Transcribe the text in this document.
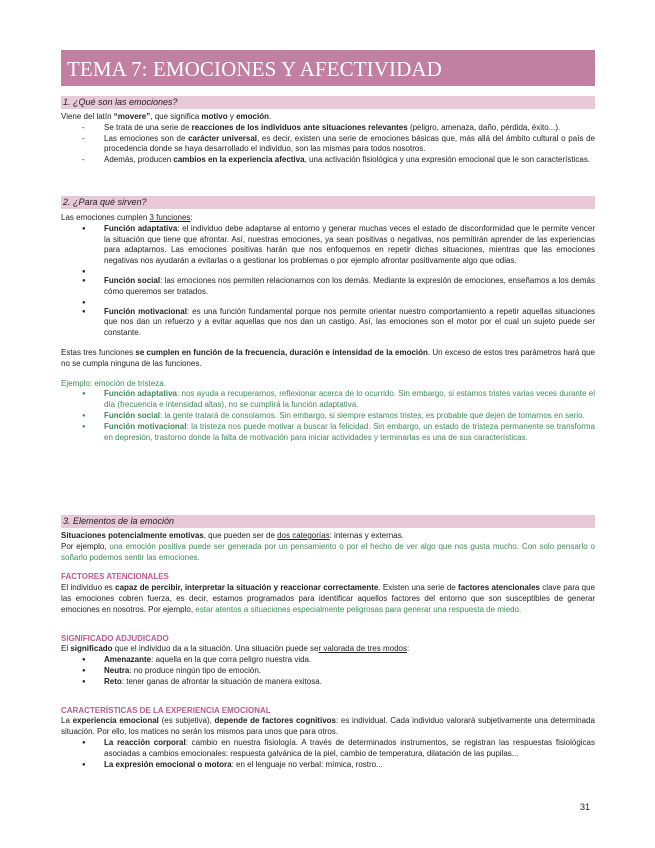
TEMA 7: EMOCIONES Y AFECTIVIDAD
1. ¿Qué son las emociones?

Viene del latín “movere”, que significa motivo y emoción.

- Se trata de una serie de reacciones de los individuos ante situaciones relevantes (peligro, amenaza, daño, pérdida, éxito...).
- Las emociones son de carácter universal, es decir, existen una serie de emociones básicas que, más allá del ámbito cultural o país de procedencia donde se haya desarrollado el individuo, son las mismas para todos nosotros.
- Además, producen cambios en la experiencia afectiva, una activación fisiológica y una expresión emocional que le son características.
2. ¿Para qué sirven?

Las emociones cumplen 3 funciones:

● Función adaptativa: el individuo debe adaptarse al entorno y generar muchas veces el estado de disconformidad que le permite vencer la situación que tiene que afrontar. Así, nuestras emociones, ya sean positivas o negativas, nos permitirán aprender de las experiencias para adaptarnos. Las emociones positivas harán que nos enfoquemos en repetir dichas situaciones, mientras que las emociones negativas nos ayudarán a evitarlas o a gestionar los problemas o por ejemplo afrontar positivamente algo que odias.
●
● Función social: las emociones nos permiten relacionarnos con los demás. Mediante la expresión de emociones, enseñamos a los demás cómo queremos ser tratados.
●
● Función motivacional: es una función fundamental porque nos permite orientar nuestro comportamiento a repetir aquellas situaciones que nos dan un refuerzo y a evitar aquellas que nos dan un castigo. Así, las emociones son el motor por el cual un sujeto puede ser constante.

Estas tres funciones se cumplen en función de la frecuencia, duración e intensidad de la emoción. Un exceso de estos tres parámetros hará que no se cumpla ninguna de las funciones.

Ejemplo: emoción de tristeza.

● Función adaptativa: nos ayuda a recuperarnos, reflexionar acerca de lo ocurrido. Sin embargo, si estamos tristes varias veces durante el día (frecuencia e intensidad altas), no se cumplirá la función adaptativa.
● Función social: la gente tratará de consolarnos. Sin embargo, si siempre estamos tristes, es probable que dejen de tomarnos en serio.
● Función motivacional: la tristeza nos puede motivar a buscar la felicidad. Sin embargo, un estado de tristeza permanente se transforma en depresión, trastorno donde la falta de motivación para iniciar actividades y terminarlas es una de sus características.
3. Elementos de la emoción

Situaciones potencialmente emotivas, que pueden ser de dos categorías: internas y externas.

Por ejemplo, una emoción positiva puede ser generada por un pensamiento o por el hecho de ver algo que nos gusta mucho. Con solo pensarlo o soñarlo podemos sentir las emociones.

FACTORES ATENCIONALES

El individuo es capaz de percibir, interpretar la situación y reaccionar correctamente. Existen una serie de factores atencionales clave para que las emociones cobren fuerza, es decir, estamos programados para identificar aquellos factores del entorno que son susceptibles de generar emociones en nosotros. Por ejemplo, estar atentos a situaciones especialmente peligrosas para generar una respuesta de miedo.

SIGNIFICADO ADJUDICADO

El significado que el individuo da a la situación. Una situación puede ser valorada de tres modos:

● Amenazante: aquella en la que corra peligro nuestra vida.
● Neutra: no produce ningún tipo de emoción.
● Reto: tener ganas de afrontar la situación de manera exitosa.

CARACTERÍSTICAS DE LA EXPERIENCIA EMOCIONAL

La experiencia emocional (es subjetiva), depende de factores cognitivos: es individual. Cada individuo valorará subjetivamente una determinada situación. Por ello, los matices no serán los mismos para unos que para otros.

● La reacción corporal: cambio en nuestra fisiología. A través de determinados instrumentos, se registran las respuestas fisiológicas asociadas a cambios emocionales: respuesta galvánica de la piel, cambio de temperatura, dilatación de las pupilas...
● La expresión emocional o motora: en el lenguaje no verbal: mímica, rostro...
31
